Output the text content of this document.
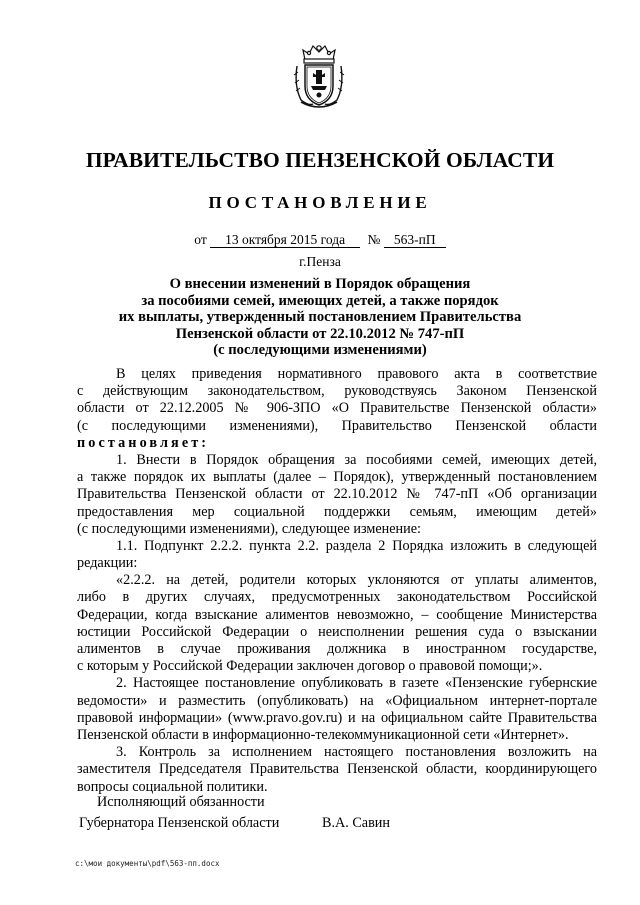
ПРАВИТЕЛЬСТВО ПЕНЗЕНСКОЙ ОБЛАСТИ
ПОСТАНОВЛЕНИЕ
от 13 октября 2015 года № 563-пП
г.Пенза
О внесении изменений в Порядок обращения
за пособиями семей, имеющих детей, а также порядок
их выплаты, утвержденный постановлением Правительства
Пензенской области от 22.10.2012 № 747-пП
(с последующими изменениями)
В целях приведения нормативного правового акта в соответствие
с действующим законодательством, руководствуясь Законом Пензенской
области от 22.12.2005 № 906-ЗПО «О Правительстве Пензенской области»
(с последующими изменениями), Правительство Пензенской области
постановляет:
1. Внести в Порядок обращения за пособиями семей, имеющих детей,
а также порядок их выплаты (далее – Порядок), утвержденный постановлением
Правительства Пензенской области от 22.10.2012 № 747-пП «Об организации
предоставления мер социальной поддержки семьям, имеющим детей»
(с последующими изменениями), следующее изменение:
1.1. Подпункт 2.2.2. пункта 2.2. раздела 2 Порядка изложить в следующей
редакции:
«2.2.2. на детей, родители которых уклоняются от уплаты алиментов,
либо в других случаях, предусмотренных законодательством Российской
Федерации, когда взыскание алиментов невозможно, – сообщение Министерства
юстиции Российской Федерации о неисполнении решения суда о взыскании
алиментов в случае проживания должника в иностранном государстве,
с которым у Российской Федерации заключен договор о правовой помощи;».
2. Настоящее постановление опубликовать в газете «Пензенские губернские
ведомости» и разместить (опубликовать) на «Официальном интернет-портале
правовой информации» (www.pravo.gov.ru) и на официальном сайте Правительства
Пензенской области в информационно-телекоммуникационной сети «Интернет».
3. Контроль за исполнением настоящего постановления возложить на
заместителя Председателя Правительства Пензенской области, координирующего
вопросы социальной политики.
Исполняющий обязанности
Губернатора Пензенской области	В.А. Савин
c:\мои документы\pdf\563-пп.docx
